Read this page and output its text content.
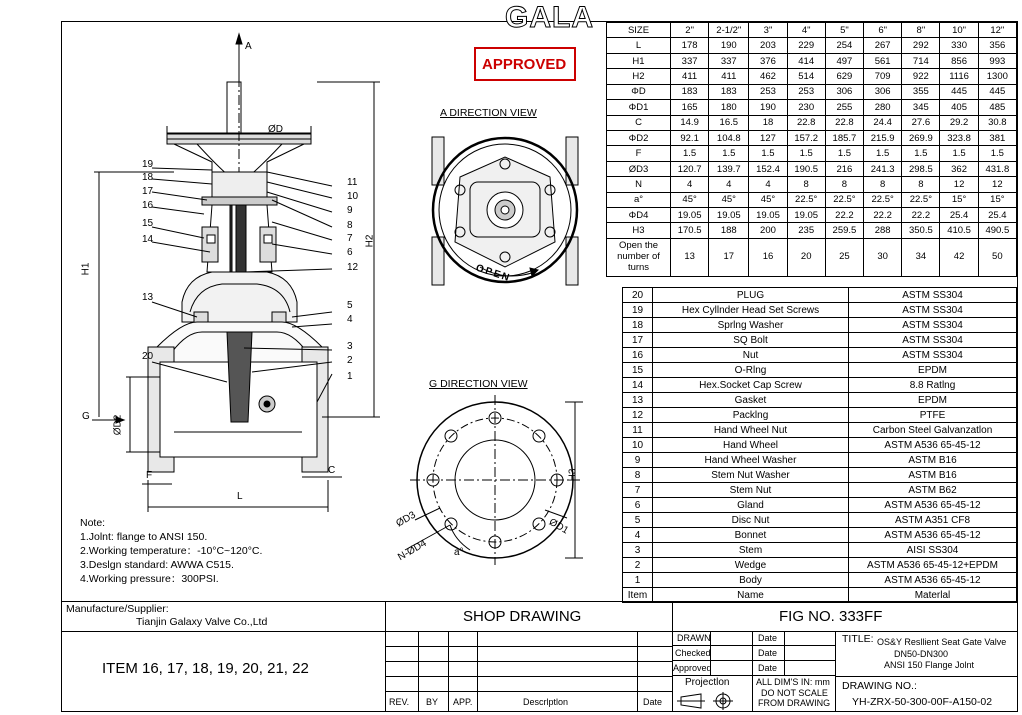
GALA
APPROVED
A
ØD
H1
H2
G ØD2
F	C
L
19
18
17
16
15
14
13
20
11
10
9
8
7
6
12
5
4
3
2
1
A DIRECTION VIEW
OPEN
G DIRECTION VIEW
ØD3	ØD1
N-ØD4	a°
H3
SIZE	2"	2-1/2"	3"	4"	5"	6"	8"	10"	12"
L	178	190	203	229	254	267	292	330	356
H1	337	337	376	414	497	561	714	856	993
H2	411	411	462	514	629	709	922	1116	1300
ΦD	183	183	253	253	306	306	355	445	445
ΦD1	165	180	190	230	255	280	345	405	485
C	14.9	16.5	18	22.8	22.8	24.4	27.6	29.2	30.8
ΦD2	92.1	104.8	127	157.2	185.7	215.9	269.9	323.8	381
F	1.5	1.5	1.5	1.5	1.5	1.5	1.5	1.5	1.5
ØD3	120.7	139.7	152.4	190.5	216	241.3	298.5	362	431.8
N	4	4	4	8	8	8	8	12	12
a°	45°	45°	45°	22.5°	22.5°	22.5°	22.5°	15°	15°
ΦD4	19.05	19.05	19.05	19.05	22.2	22.2	22.2	25.4	25.4
H3	170.5	188	200	235	259.5	288	350.5	410.5	490.5
Open the number of turns	13	17	16	20	25	30	34	42	50
20	PLUG	ASTM SS304
19	Hex Cyllnder Head Set Screws	ASTM SS304
18	Sprlng Washer	ASTM SS304
17	SQ Bolt	ASTM SS304
16	Nut	ASTM SS304
15	O-Rlng	EPDM
14	Hex.Socket Cap Screw	8.8 Ratlng
13	Gasket	EPDM
12	Packlng	PTFE
11	Hand Wheel Nut	Carbon Steel Galvanzatlon
10	Hand Wheel	ASTM A536 65-45-12
9	Hand Wheel Washer	ASTM B16
8	Stem Nut Washer	ASTM B16
7	Stem Nut	ASTM B62
6	Gland	ASTM A536 65-45-12
5	Disc Nut	ASTM A351 CF8
4	Bonnet	ASTM A536 65-45-12
3	Stem	AISI SS304
2	Wedge	ASTM A536 65-45-12+EPDM
1	Body	ASTM A536 65-45-12
Item	Name	Materlal
Note:
1.Jolnt: flange to ANSI 150.
2.Working temperature：-10°C~120°C.
3.Deslgn standard: AWWA C515.
4.Working pressure：300PSI.
Manufacture/Supplier:
Tianjin Galaxy Valve Co.,Ltd
ITEM 16, 17, 18, 19, 20, 21, 22
SHOP DRAWING	FIG NO. 333FF
DRAWN
Checked
Approved
Date
Date
Date
TITLE: OS&Y Resllient Seat Gate Valve
DN50-DN300
ANSI 150 Flange Jolnt
Projectlon	ALL DIM'S IN: mm
DO NOT SCALE
FROM DRAWING
DRAWING NO.:
YH-ZRX-50-300-00F-A150-02
REV. BY APP.	Descrlptlon	Date
